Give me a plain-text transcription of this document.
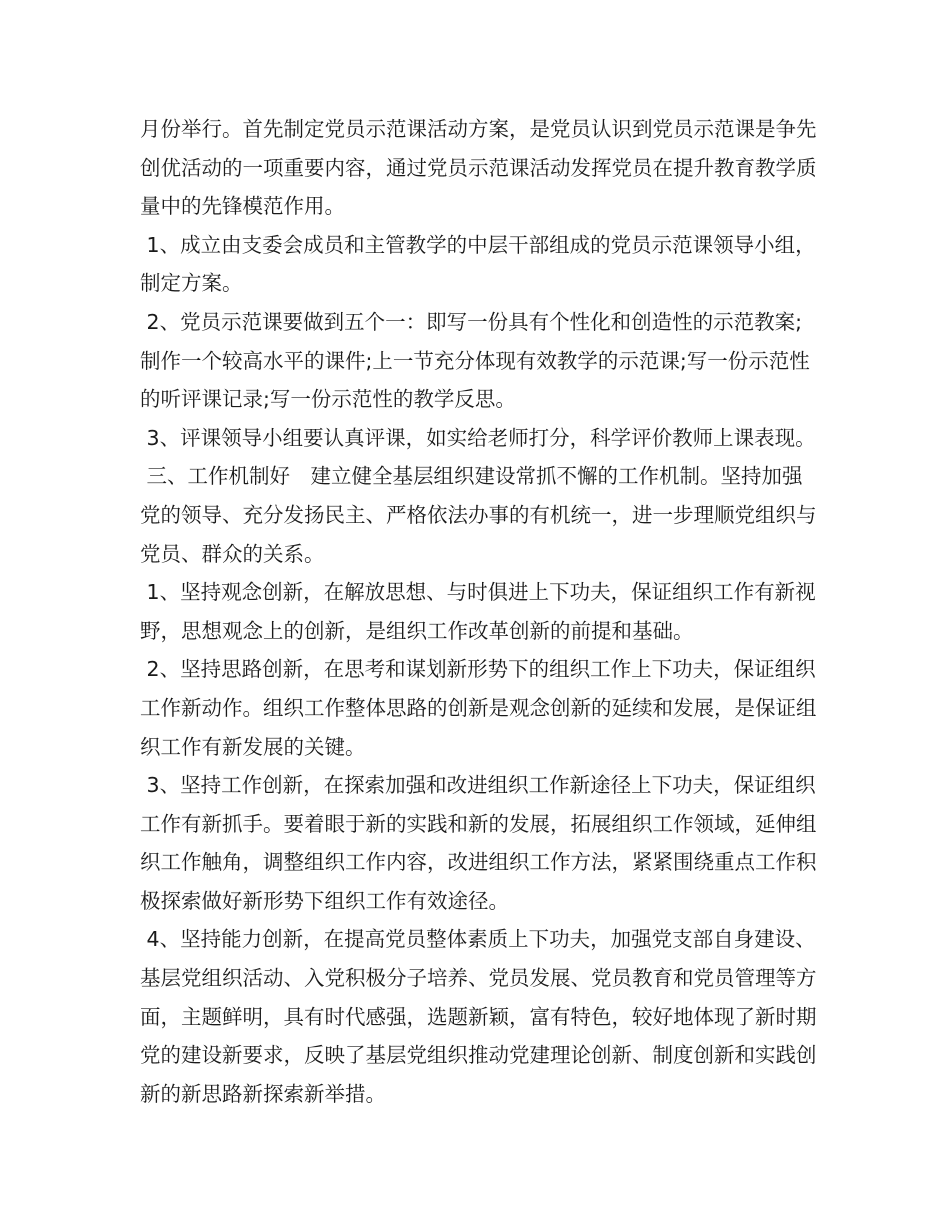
月份举行。首先制定党员示范课活动方案，是党员认识到党员示范课是争先创优活动的一项重要内容，通过党员示范课活动发挥党员在提升教育教学质量中的先锋模范作用。

1、成立由支委会成员和主管教学的中层干部组成的党员示范课领导小组，制定方案。

2、党员示范课要做到五个一：即写一份具有个性化和创造性的示范教案;制作一个较高水平的课件;上一节充分体现有效教学的示范课;写一份示范性的听评课记录;写一份示范性的教学反思。

3、评课领导小组要认真评课，如实给老师打分，科学评价教师上课表现。

三、工作机制好　建立健全基层组织建设常抓不懈的工作机制。坚持加强党的领导、充分发扬民主、严格依法办事的有机统一，进一步理顺党组织与党员、群众的关系。

1、坚持观念创新，在解放思想、与时俱进上下功夫，保证组织工作有新视野，思想观念上的创新，是组织工作改革创新的前提和基础。

2、坚持思路创新，在思考和谋划新形势下的组织工作上下功夫，保证组织工作新动作。组织工作整体思路的创新是观念创新的延续和发展，是保证组织工作有新发展的关键。

3、坚持工作创新，在探索加强和改进组织工作新途径上下功夫，保证组织工作有新抓手。要着眼于新的实践和新的发展，拓展组织工作领域，延伸组织工作触角，调整组织工作内容，改进组织工作方法，紧紧围绕重点工作积极探索做好新形势下组织工作有效途径。

4、坚持能力创新，在提高党员整体素质上下功夫，加强党支部自身建设、基层党组织活动、入党积极分子培养、党员发展、党员教育和党员管理等方面，主题鲜明，具有时代感强，选题新颖，富有特色，较好地体现了新时期党的建设新要求，反映了基层党组织推动党建理论创新、制度创新和实践创新的新思路新探索新举措。
